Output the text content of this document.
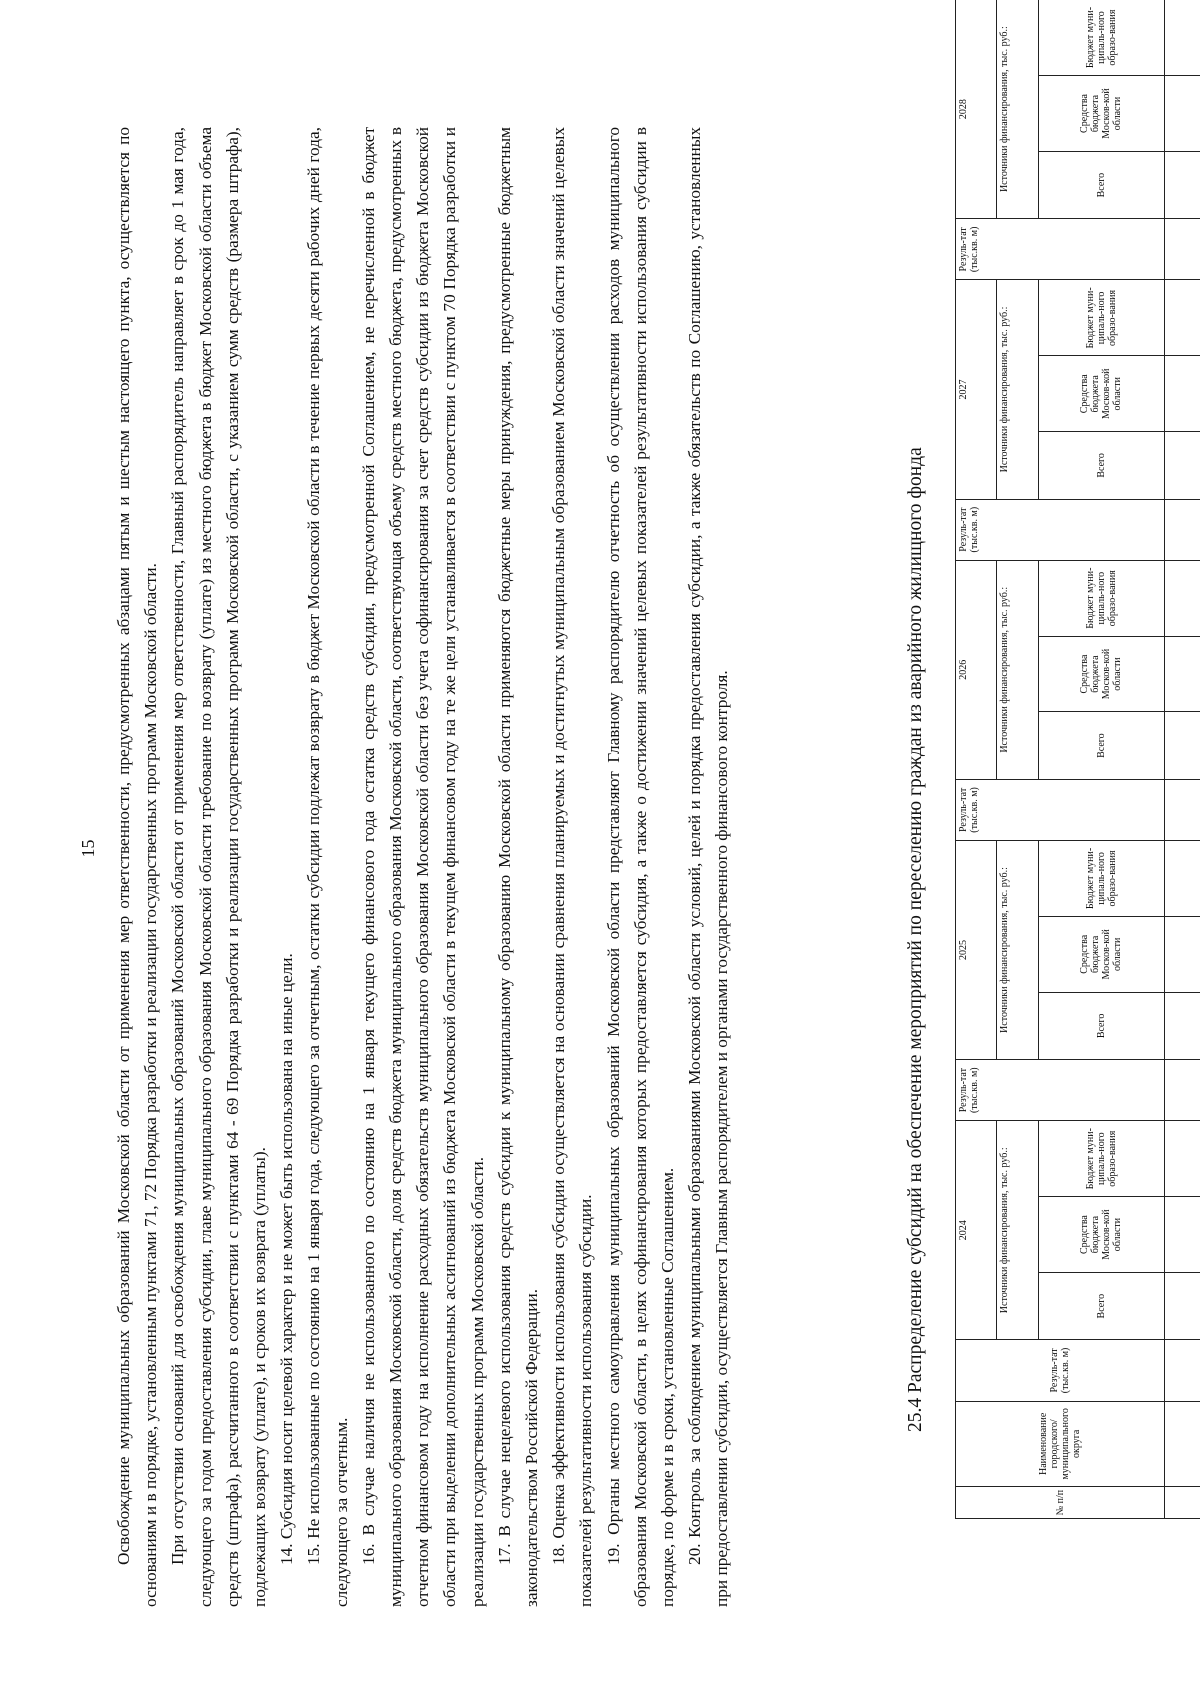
15 Освобождение муниципальных образований Московской области от применения мер ответственности, предусмотренных абзацами пятым и шестым настоящего пункта, осуществляется по основаниям и в порядке, установленным пунктами 71, 72 Порядка разработки и реализации государственных программ Московской области. При отсутствии оснований для освобождения муниципальных образований Московской области от применения мер ответственности, Главный распорядитель направляет в срок до 1 мая года, следующего за годом предоставления субсидии, главе муниципального образования Московской области требование по возврату (уплате) из местного бюджета в бюджет Московской области объема средств (штрафа), рассчитанного в соответствии с пунктами 64 - 69 Порядка разработки и реализации государственных программ Московской области, с указанием сумм средств (размера штрафа), подлежащих возврату (уплате), и сроков их возврата (уплаты). 14. Субсидия носит целевой характер и не может быть использована на иные цели. 15. Не использованные по состоянию на 1 января года, следующего за отчетным, остатки субсидии подлежат возврату в бюджет Московской области в течение первых десяти рабочих дней года, следующего за отчетным. 16. В случае наличия не использованного по состоянию на 1 января текущего финансового года остатка средств субсидии, предусмотренной Соглашением, не перечисленной в бюджет муниципального образования Московской области, доля средств бюджета муниципального образования Московской области, соответствующая объему средств местного бюджета, предусмотренных в отчетном финансовом году на исполнение расходных обязательств муниципального образования Московской области без учета софинансирования за счет средств субсидии из бюджета Московской области при выделении дополнительных ассигнований из бюджета Московской области в текущем финансовом году на те же цели устанавливается в соответствии с пунктом 70 Порядка разработки и реализации государственных программ Московской области. 17. В случае нецелевого использования средств субсидии к муниципальному образованию Московской области применяются бюджетные меры принуждения, предусмотренные бюджетным законодательством Российской Федерации. 18. Оценка эффективности использования субсидии осуществляется на основании сравнения планируемых и достигнутых муниципальным образованием Московской области значений целевых показателей результативности использования субсидии. 19. Органы местного самоуправления муниципальных образований Московской области представляют Главному распорядителю отчетность об осуществлении расходов муниципального образования Московской области, в целях софинансирования которых предоставляется субсидия, а также о достижении значений целевых показателей результативности использования субсидии в порядке, по форме и в сроки, установленные Соглашением. 20. Контроль за соблюдением муниципальными образованиями Московской области условий, целей и порядка предоставления субсидии, а также обязательств по Соглашению, установленных при предоставлении субсидии, осуществляется Главным распорядителем и органами государственного финансового контроля.	25.4 Распределение субсидий на обеспечение мероприятий по переселению граждан из аварийного жилищного фонда
№ п/п	Наименование городского/ муниципального округа	Резуль-тат (тыс.кв. м)	2024			Резуль-тат (тыс.кв. м)	2025			Резуль-тат (тыс.кв. м)	2026			Резуль-тат (тыс.кв. м)	2027			Резуль-тат (тыс.кв. м)	2028		
			Источники финансирования, тыс. руб.:				Источники финансирования, тыс. руб.:				Источники финансирования, тыс. руб.:				Источники финансирования, тыс. руб.:				Источники финансирования, тыс. руб.:		
			Всего	Средства бюджета Москов-кой области	Бюджет муни-ципаль-ного образо-вания		Всего	Средства бюджета Москов-кой области	Бюджет муни-ципаль-ного образо-вания		Всего	Средства бюджета Москов-кой области	Бюджет муни-ципаль-ного образо-вания		Всего	Средства бюджета Москов-кой области	Бюджет муни-ципаль-ного образо-вания		Всего	Средства бюджета Москов-кой области	Бюджет муни-ципаль-ного образо-вания
